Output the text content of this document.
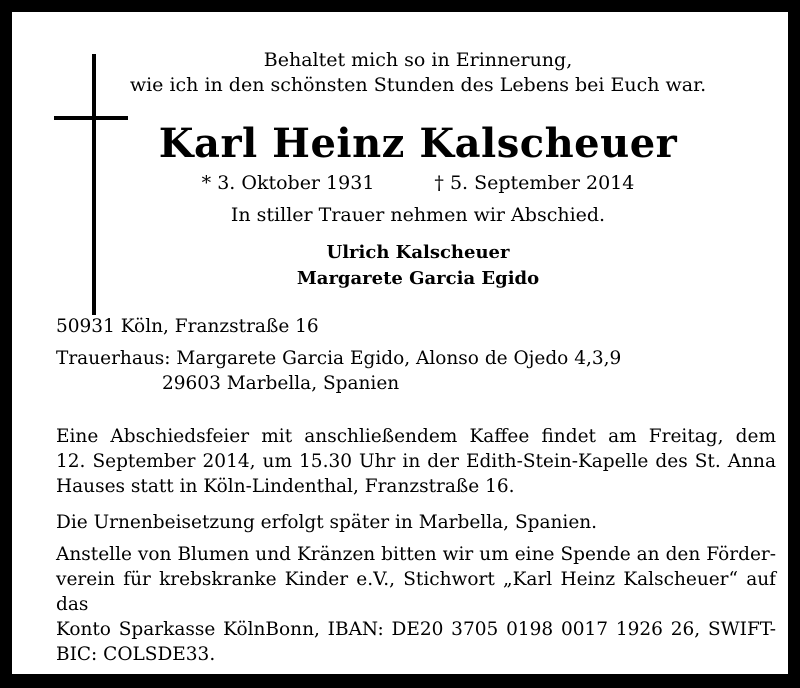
Behaltet mich so in Erinnerung,
wie ich in den schönsten Stunden des Lebens bei Euch war.
Karl Heinz Kalscheuer
* 3. Oktober 1931	† 5. September 2014
In stiller Trauer nehmen wir Abschied.
Ulrich Kalscheuer
Margarete Garcia Egido
50931 Köln, Franzstraße 16
Trauerhaus: Margarete Garcia Egido, Alonso de Ojedo 4,3,9
29603 Marbella, Spanien
Eine Abschiedsfeier mit anschließendem Kaffee findet am Freitag, dem
12. September 2014, um 15.30 Uhr in der Edith-Stein-Kapelle des St. Anna
Hauses statt in Köln-Lindenthal, Franzstraße 16.
Die Urnenbeisetzung erfolgt später in Marbella, Spanien.
Anstelle von Blumen und Kränzen bitten wir um eine Spende an den Förder-
verein für krebskranke Kinder e.V., Stichwort „Karl Heinz Kalscheuer“ auf das
Konto Sparkasse KölnBonn, IBAN: DE20 3705 0198 0017 1926 26, SWIFT-
BIC: COLSDE33.
